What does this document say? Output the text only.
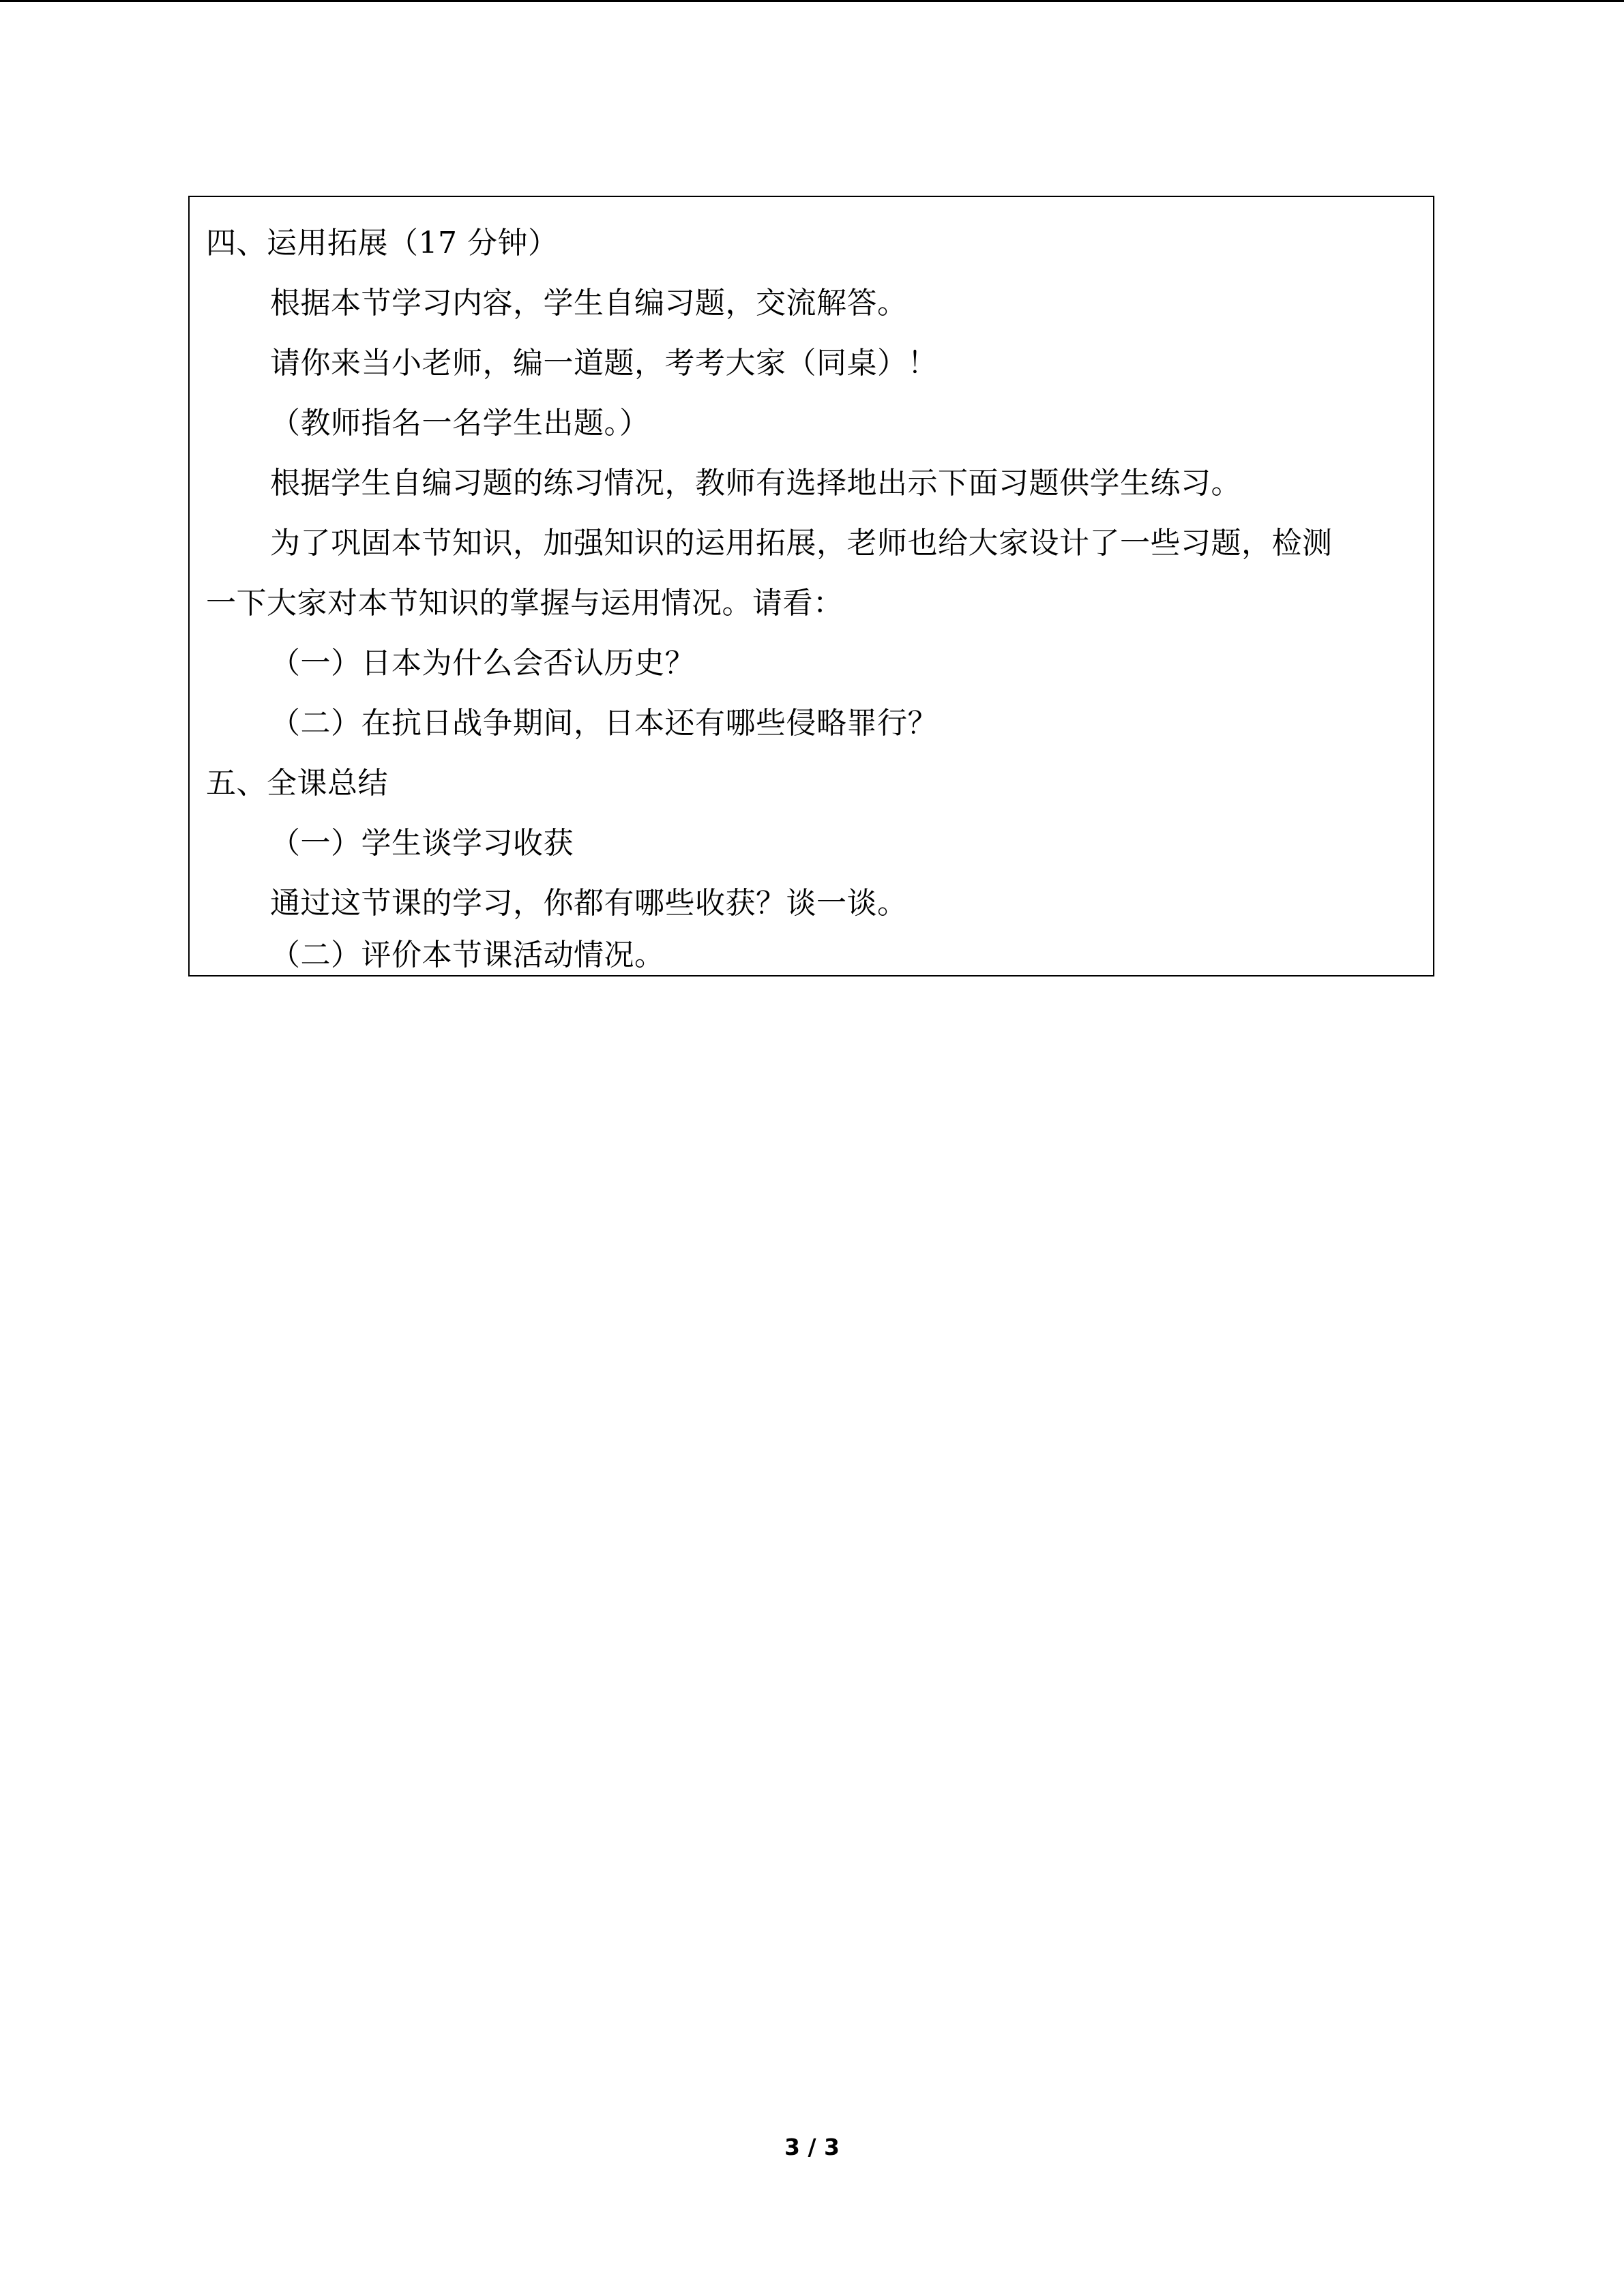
四、运用拓展（17 分钟）
根据本节学习内容，学生自编习题，交流解答。
请你来当小老师，编一道题，考考大家（同桌）！
（教师指名一名学生出题。）
根据学生自编习题的练习情况，教师有选择地出示下面习题供学生练习。
为了巩固本节知识，加强知识的运用拓展，老师也给大家设计了一些习题，检测
一下大家对本节知识的掌握与运用情况。请看：
（一）日本为什么会否认历史？
（二）在抗日战争期间，日本还有哪些侵略罪行？
五、全课总结
（一）学生谈学习收获
通过这节课的学习，你都有哪些收获？谈一谈。
（二）评价本节课活动情况。
3 / 3
